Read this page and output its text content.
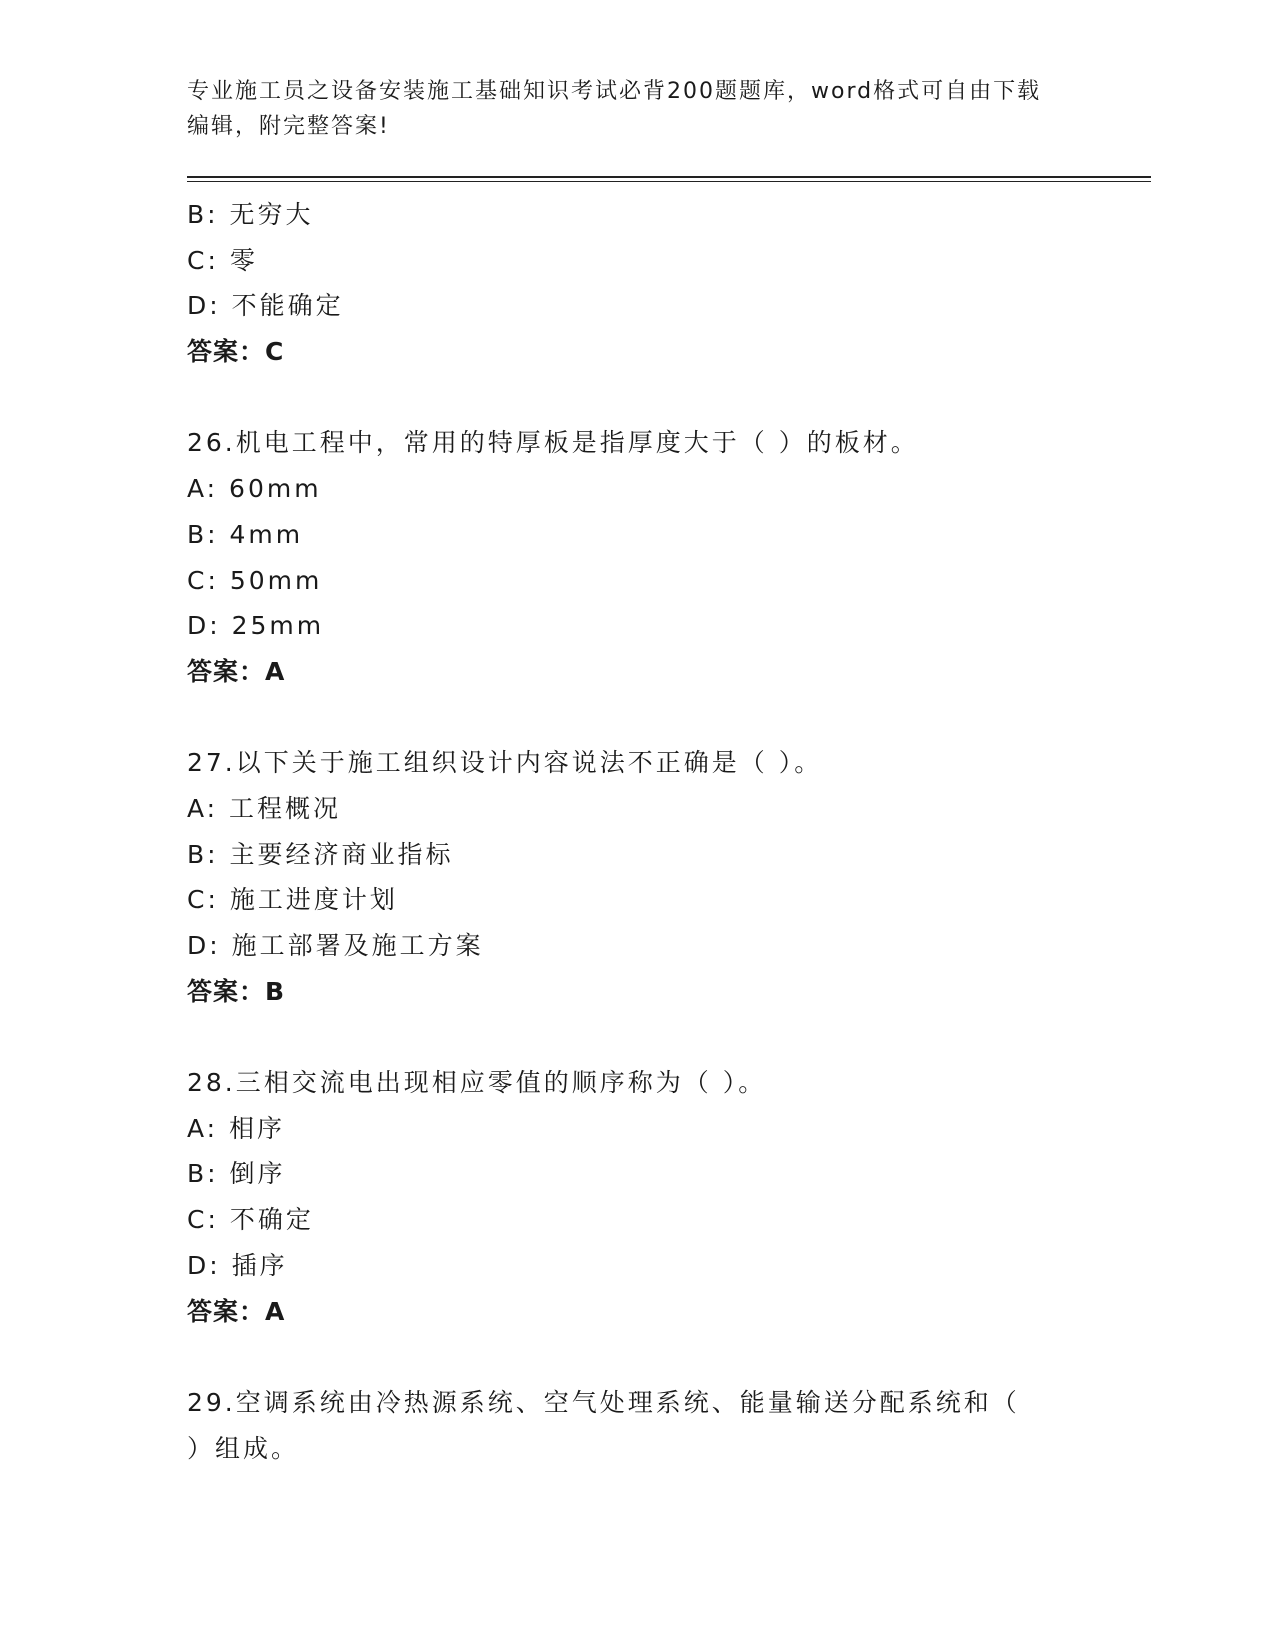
专业施工员之设备安装施工基础知识考试必背200题题库，word格式可自由下载
编辑，附完整答案!
B: 无穷大
C: 零
D: 不能确定
答案：C
26.机电工程中，常用的特厚板是指厚度大于（ ）的板材。
A: 60mm
B: 4mm
C: 50mm
D: 25mm
答案：A
27.以下关于施工组织设计内容说法不正确是（ ）。
A: 工程概况
B: 主要经济商业指标
C: 施工进度计划
D: 施工部署及施工方案
答案：B
28.三相交流电出现相应零值的顺序称为（ ）。
A: 相序
B: 倒序
C: 不确定
D: 插序
答案：A
29.空调系统由冷热源系统、空气处理系统、能量输送分配系统和（
）组成。
